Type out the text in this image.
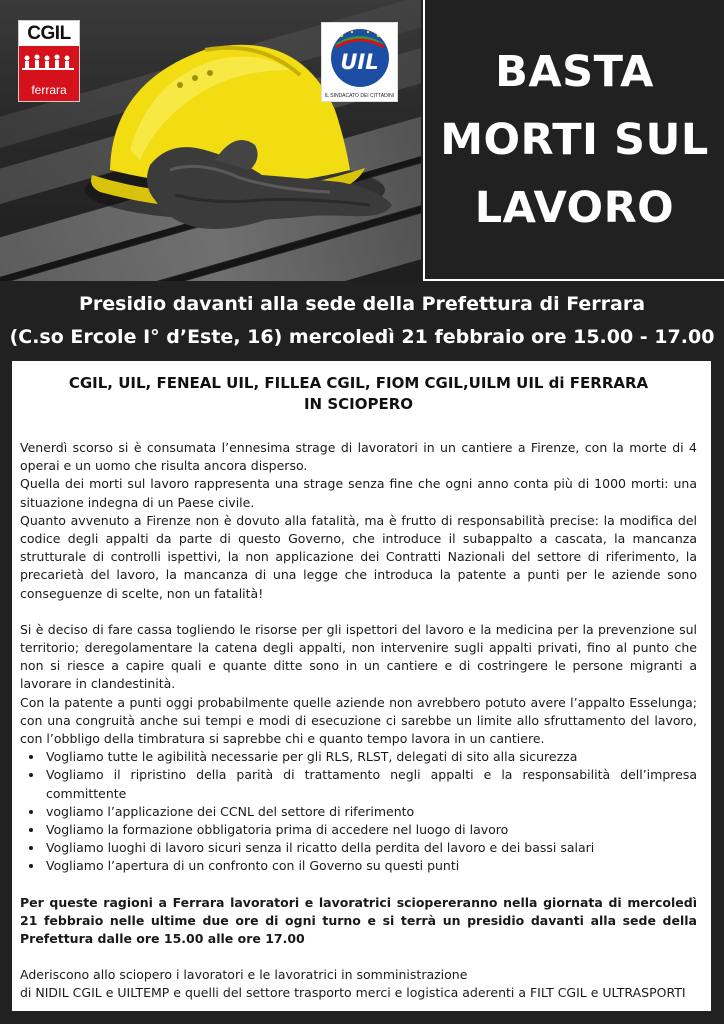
CGIL
ferrara
UIL
IL SINDACATO DEI CITTADINI BASTA
MORTI SUL
LAVORO
Presidio davanti alla sede della Prefettura di Ferrara
(C.so Ercole I° d’Este, 16) mercoledì 21 febbraio ore 15.00 - 17.00
CGIL, UIL, FENEAL UIL, FILLEA CGIL, FIOM CGIL,UILM UIL di FERRARA
IN SCIOPERO

Venerdì scorso si è consumata l’ennesima strage di lavoratori in un cantiere a Firenze, con la morte di 4 operai e un uomo che risulta ancora disperso.

Quella dei morti sul lavoro rappresenta una strage senza fine che ogni anno conta più di 1000 morti: una situazione indegna di un Paese civile.

Quanto avvenuto a Firenze non è dovuto alla fatalità, ma è frutto di responsabilità precise: la modifica del codice degli appalti da parte di questo Governo, che introduce il subappalto a cascata, la mancanza strutturale di controlli ispettivi, la non applicazione dei Contratti Nazionali del settore di riferimento, la precarietà del lavoro, la mancanza di una legge che introduca la patente a punti per le aziende sono conseguenze di scelte, non un fatalità!

Si è deciso di fare cassa togliendo le risorse per gli ispettori del lavoro e la medicina per la prevenzione sul territorio; deregolamentare la catena degli appalti, non intervenire sugli appalti privati, fino al punto che non si riesce a capire quali e quante ditte sono in un cantiere e di costringere le persone migranti a lavorare in clandestinità.

Con la patente a punti oggi probabilmente quelle aziende non avrebbero potuto avere l’appalto Esselunga; con una congruità anche sui tempi e modi di esecuzione ci sarebbe un limite allo sfruttamento del lavoro, con l’obbligo della timbratura si saprebbe chi e quanto tempo lavora in un cantiere.

• Vogliamo tutte le agibilità necessarie per gli RLS, RLST, delegati di sito alla sicurezza
• Vogliamo il ripristino della parità di trattamento negli appalti e la responsabilità dell’impresa committente
• vogliamo l’applicazione dei CCNL del settore di riferimento
• Vogliamo la formazione obbligatoria prima di accedere nel luogo di lavoro
• Vogliamo luoghi di lavoro sicuri senza il ricatto della perdita del lavoro e dei bassi salari
• Vogliamo l’apertura di un confronto con il Governo su questi punti

Per queste ragioni a Ferrara lavoratori e lavoratrici sciopereranno nella giornata di mercoledì 21 febbraio nelle ultime due ore di ogni turno e si terrà un presidio davanti alla sede della Prefettura dalle ore 15.00 alle ore 17.00

Aderiscono allo sciopero i lavoratori e le lavoratrici in somministrazione
di NIDIL CGIL e UILTEMP e quelli del settore trasporto merci e logistica aderenti a FILT CGIL e ULTRASPORTI
